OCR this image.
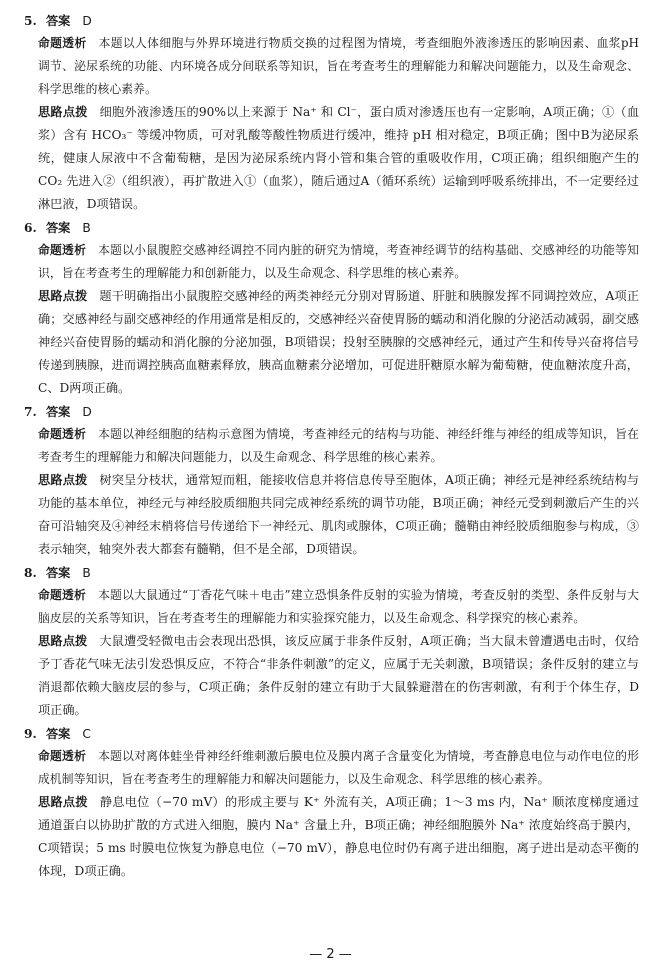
5. 答案 D

命题透析 本题以人体细胞与外界环境进行物质交换的过程图为情境，考查细胞外液渗透压的影响因素、血浆pH调节、泌尿系统的功能、内环境各成分间联系等知识，旨在考查考生的理解能力和解决问题能力，以及生命观念、科学思维的核心素养。

思路点拨 细胞外液渗透压的90%以上来源于 Na⁺ 和 Cl⁻，蛋白质对渗透压也有一定影响，A项正确；①（血浆）含有 HCO₃⁻ 等缓冲物质，可对乳酸等酸性物质进行缓冲，维持 pH 相对稳定，B项正确；图中B为泌尿系统，健康人尿液中不含葡萄糖，是因为泌尿系统内肾小管和集合管的重吸收作用，C项正确；组织细胞产生的 CO₂ 先进入②（组织液），再扩散进入①（血浆），随后通过A（循环系统）运输到呼吸系统排出，不一定要经过淋巴液，D项错误。

6. 答案 B

命题透析 本题以小鼠腹腔交感神经调控不同内脏的研究为情境，考查神经调节的结构基础、交感神经的功能等知识，旨在考查考生的理解能力和创新能力，以及生命观念、科学思维的核心素养。

思路点拨 题干明确指出小鼠腹腔交感神经的两类神经元分别对胃肠道、肝脏和胰腺发挥不同调控效应，A项正确；交感神经与副交感神经的作用通常是相反的，交感神经兴奋使胃肠的蠕动和消化腺的分泌活动减弱，副交感神经兴奋使胃肠的蠕动和消化腺的分泌加强，B项错误；投射至胰腺的交感神经元，通过产生和传导兴奋将信号传递到胰腺，进而调控胰高血糖素释放，胰高血糖素分泌增加，可促进肝糖原水解为葡萄糖，使血糖浓度升高，C、D两项正确。

7. 答案 D

命题透析 本题以神经细胞的结构示意图为情境，考查神经元的结构与功能、神经纤维与神经的组成等知识，旨在考查考生的理解能力和解决问题能力，以及生命观念、科学思维的核心素养。

思路点拨 树突呈分枝状，通常短而粗，能接收信息并将信息传导至胞体，A项正确；神经元是神经系统结构与功能的基本单位，神经元与神经胶质细胞共同完成神经系统的调节功能，B项正确；神经元受到刺激后产生的兴奋可沿轴突及④神经末梢将信号传递给下一神经元、肌肉或腺体，C项正确；髓鞘由神经胶质细胞参与构成，③表示轴突，轴突外表大都套有髓鞘，但不是全部，D项错误。

8. 答案 B

命题透析 本题以大鼠通过“丁香花气味＋电击”建立恐惧条件反射的实验为情境，考查反射的类型、条件反射与大脑皮层的关系等知识，旨在考查考生的理解能力和实验探究能力，以及生命观念、科学探究的核心素养。

思路点拨 大鼠遭受轻微电击会表现出恐惧，该反应属于非条件反射，A项正确；当大鼠未曾遭遇电击时，仅给予丁香花气味无法引发恐惧反应，不符合“非条件刺激”的定义，应属于无关刺激，B项错误；条件反射的建立与消退都依赖大脑皮层的参与，C项正确；条件反射的建立有助于大鼠躲避潜在的伤害刺激，有利于个体生存，D项正确。

9. 答案 C

命题透析 本题以对离体蛙坐骨神经纤维刺激后膜电位及膜内离子含量变化为情境，考查静息电位与动作电位的形成机制等知识，旨在考查考生的理解能力和解决问题能力，以及生命观念、科学思维的核心素养。

思路点拨 静息电位（−70 mV）的形成主要与 K⁺ 外流有关，A项正确；1～3 ms 内，Na⁺ 顺浓度梯度通过通道蛋白以协助扩散的方式进入细胞，膜内 Na⁺ 含量上升，B项正确；神经细胞膜外 Na⁺ 浓度始终高于膜内，C项错误；5 ms 时膜电位恢复为静息电位（−70 mV），静息电位时仍有离子进出细胞，离子进出是动态平衡的体现，D项正确。

— 2 —
